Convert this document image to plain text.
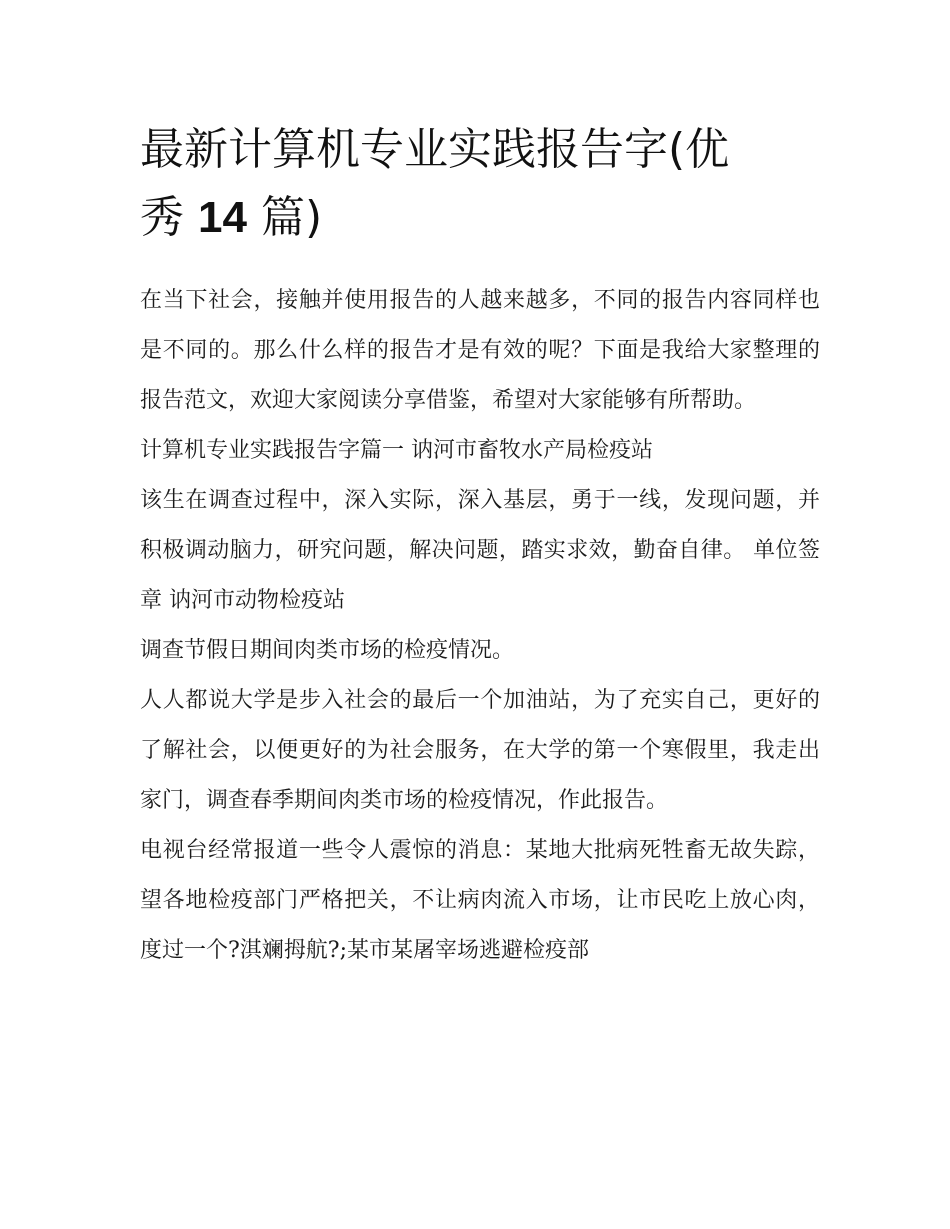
最新计算机专业实践报告字(优
秀 14 篇)

在当下社会，接触并使用报告的人越来越多，不同的报告内容同样也是不同的。那么什么样的报告才是有效的呢？下面是我给大家整理的报告范文，欢迎大家阅读分享借鉴，希望对大家能够有所帮助。

计算机专业实践报告字篇一 讷河市畜牧水产局检疫站

该生在调查过程中，深入实际，深入基层，勇于一线，发现问题，并积极调动脑力，研究问题，解决问题，踏实求效，勤奋自律。 单位签章 讷河市动物检疫站

调查节假日期间肉类市场的检疫情况。

人人都说大学是步入社会的最后一个加油站，为了充实自己，更好的了解社会，以便更好的为社会服务，在大学的第一个寒假里，我走出家门，调查春季期间肉类市场的检疫情况，作此报告。

电视台经常报道一些令人震惊的消息：某地大批病死牲畜无故失踪，望各地检疫部门严格把关，不让病肉流入市场，让市民吃上放心肉，度过一个?淇斓拇航?;某市某屠宰场逃避检疫部
